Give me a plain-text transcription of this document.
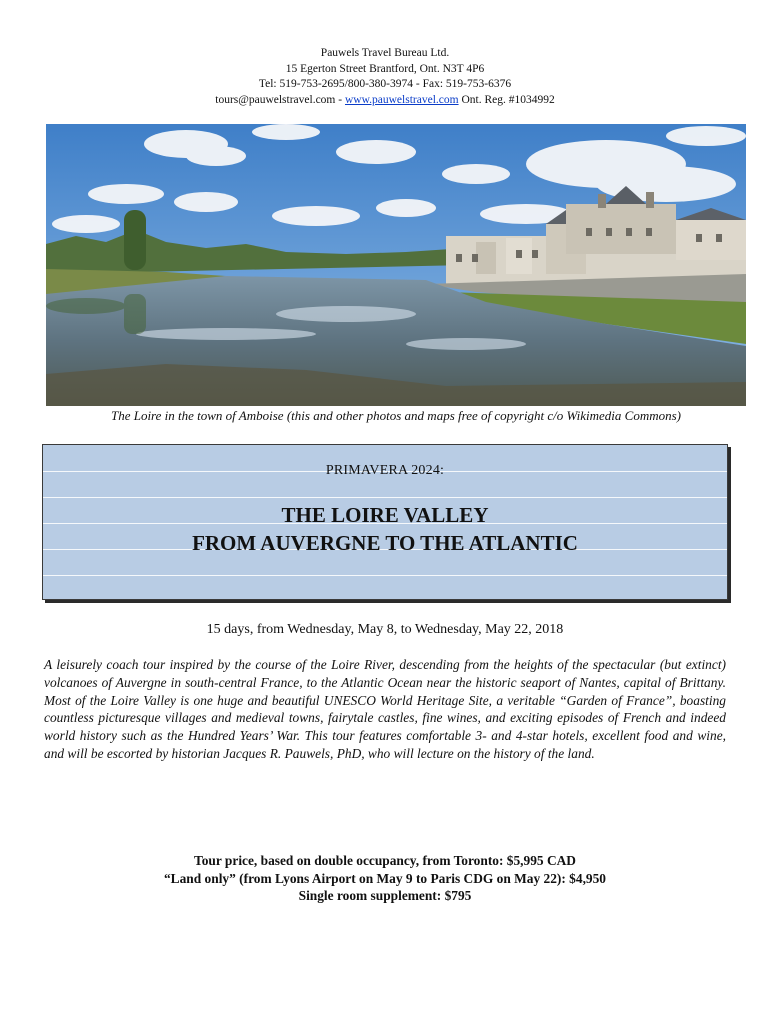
Pauwels Travel Bureau Ltd.
15 Egerton Street Brantford, Ont. N3T 4P6
Tel: 519-753-2695/800-380-3974 - Fax: 519-753-6376
tours@pauwelstravel.com - www.pauwelstravel.com Ont. Reg. #1034992
The Loire in the town of Amboise (this and other photos and maps free of copyright c/o Wikimedia Commons)
PRIMAVERA 2024:
THE LOIRE VALLEY
FROM AUVERGNE TO THE ATLANTIC
15 days, from Wednesday, May 8, to Wednesday, May 22, 2018
A leisurely coach tour inspired by the course of the Loire River, descending from the heights of the spectacular (but extinct) volcanoes of Auvergne in south-central France, to the Atlantic Ocean near the historic seaport of Nantes, capital of Brittany. Most of the Loire Valley is one huge and beautiful UNESCO World Heritage Site, a veritable “Garden of France”, boasting countless picturesque villages and medieval towns, fairytale castles, fine wines, and exciting episodes of French and indeed world history such as the Hundred Years’ War. This tour features comfortable 3- and 4-star hotels, excellent food and wine, and will be escorted by historian Jacques R. Pauwels, PhD, who will lecture on the history of the land.
Tour price, based on double occupancy, from Toronto: $5,995 CAD
“Land only” (from Lyons Airport on May 9 to Paris CDG on May 22): $4,950
Single room supplement: $795
